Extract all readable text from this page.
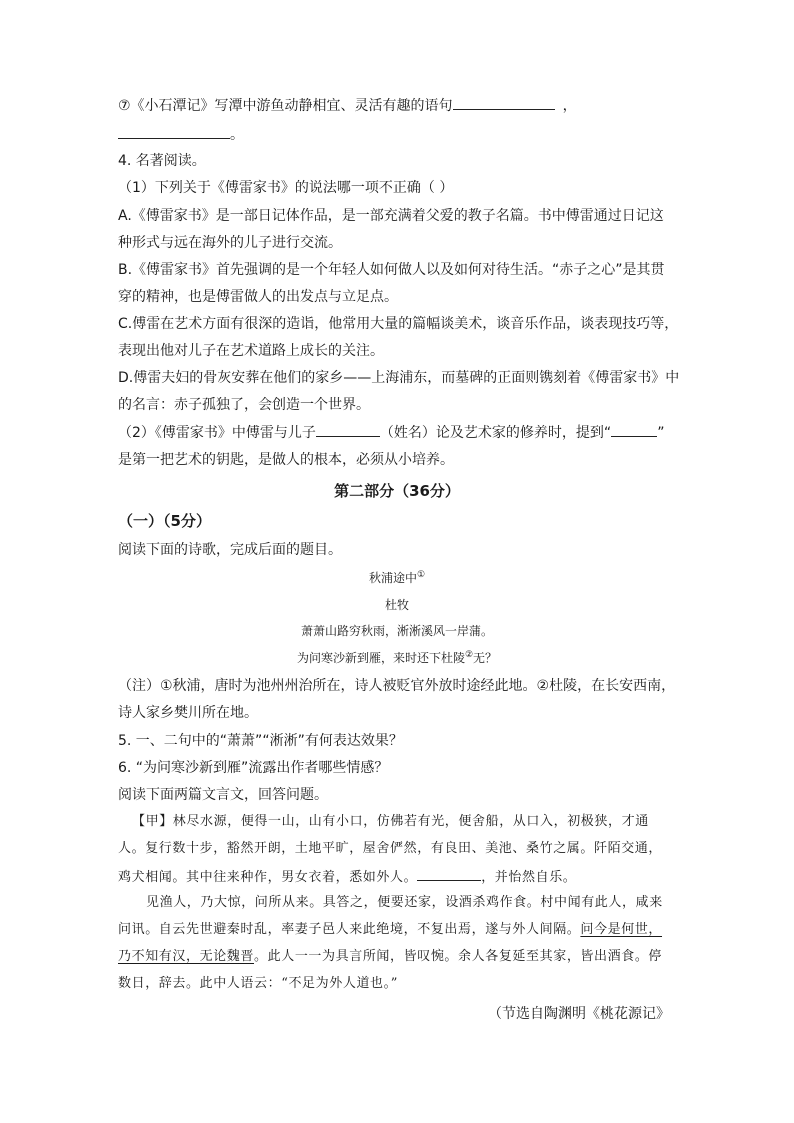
⑦《小石潭记》写潭中游鱼动静相宜、灵活有趣的语句	，
。
4. 名著阅读。
（1）下列关于《傅雷家书》的说法哪一项不正确（ ）
A.《傅雷家书》是一部日记体作品，是一部充满着父爱的教子名篇。书中傅雷通过日记这
种形式与远在海外的儿子进行交流。
B.《傅雷家书》首先强调的是一个年轻人如何做人以及如何对待生活。“赤子之心”是其贯
穿的精神，也是傅雷做人的出发点与立足点。
C.傅雷在艺术方面有很深的造诣，他常用大量的篇幅谈美术，谈音乐作品，谈表现技巧等，
表现出他对儿子在艺术道路上成长的关注。
D.傅雷夫妇的骨灰安葬在他们的家乡——上海浦东，而墓碑的正面则镌刻着《傅雷家书》中
的名言：赤子孤独了，会创造一个世界。
（2）《傅雷家书》中傅雷与儿子	（姓名）论及艺术家的修养时，提到“	”
是第一把艺术的钥匙，是做人的根本，必须从小培养。
第二部分（36分）
（一）（5分）
阅读下面的诗歌，完成后面的题目。
秋浦途中①
杜牧
萧萧山路穷秋雨，淅淅溪风一岸蒲。
为问寒沙新到雁，来时还下杜陵②无？
（注）①秋浦，唐时为池州州治所在，诗人被贬官外放时途经此地。②杜陵，在长安西南，
诗人家乡樊川所在地。
5. 一、二句中的“萧萧”“淅淅”有何表达效果？
6. “为问寒沙新到雁”流露出作者哪些情感？
阅读下面两篇文言文，回答问题。
【甲】林尽水源，便得一山，山有小口，仿佛若有光，便舍船，从口入，初极狭，才通
人。复行数十步，豁然开朗，土地平旷，屋舍俨然，有良田、美池、桑竹之属。阡陌交通，
鸡犬相闻。其中往来种作，男女衣着，悉如外人。	，并怡然自乐。
见渔人，乃大惊，问所从来。具答之，便要还家，设酒杀鸡作食。村中闻有此人，咸来
问讯。自云先世避秦时乱，率妻子邑人来此绝境，不复出焉，遂与外人间隔。问今是何世，
乃不知有汉，无论魏晋。此人一一为具言所闻，皆叹惋。余人各复延至其家，皆出酒食。停
数日，辞去。此中人语云：“不足为外人道也。”
（节选自陶渊明《桃花源记》
